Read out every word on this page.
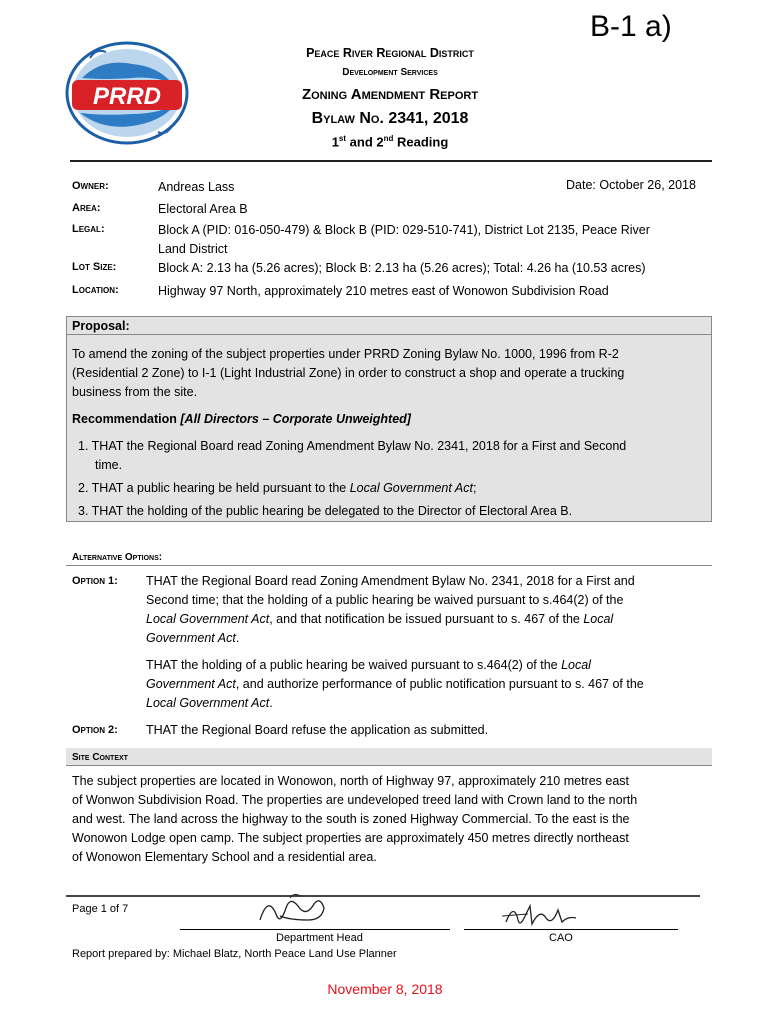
B-1 a)
PRRD
Peace River Regional District
Development Services
Zoning Amendment Report
Bylaw No. 2341, 2018
1st and 2nd Reading
Owner:	Andreas Lass	Date: October 26, 2018
Area:	Electoral Area B
Legal:	Block A (PID: 016-050-479) & Block B (PID: 029-510-741), District Lot 2135, Peace River
Land District
Lot Size:	Block A: 2.13 ha (5.26 acres); Block B: 2.13 ha (5.26 acres); Total: 4.26 ha (10.53 acres)
Location:	Highway 97 North, approximately 210 metres east of Wonowon Subdivision Road
Proposal:
To amend the zoning of the subject properties under PRRD Zoning Bylaw No. 1000, 1996 from R-2
(Residential 2 Zone) to I-1 (Light Industrial Zone) in order to construct a shop and operate a trucking
business from the site.
Recommendation [All Directors – Corporate Unweighted]
1. THAT the Regional Board read Zoning Amendment Bylaw No. 2341, 2018 for a First and Second
time.
2. THAT a public hearing be held pursuant to the Local Government Act;
3. THAT the holding of the public hearing be delegated to the Director of Electoral Area B.
Alternative Options:
Option 1: THAT the Regional Board read Zoning Amendment Bylaw No. 2341, 2018 for a First and
Second time; that the holding of a public hearing be waived pursuant to s.464(2) of the
Local Government Act, and that notification be issued pursuant to s. 467 of the Local
Government Act.
THAT the holding of a public hearing be waived pursuant to s.464(2) of the Local
Government Act, and authorize performance of public notification pursuant to s. 467 of the
Local Government Act.
Option 2: THAT the Regional Board refuse the application as submitted.
Site Context
The subject properties are located in Wonowon, north of Highway 97, approximately 210 metres east
of Wonwon Subdivision Road. The properties are undeveloped treed land with Crown land to the north
and west. The land across the highway to the south is zoned Highway Commercial. To the east is the
Wonowon Lodge open camp. The subject properties are approximately 450 metres directly northeast
of Wonowon Elementary School and a residential area.
Page 1 of 7
Department Head	CAO
Report prepared by: Michael Blatz, North Peace Land Use Planner
November 8, 2018
